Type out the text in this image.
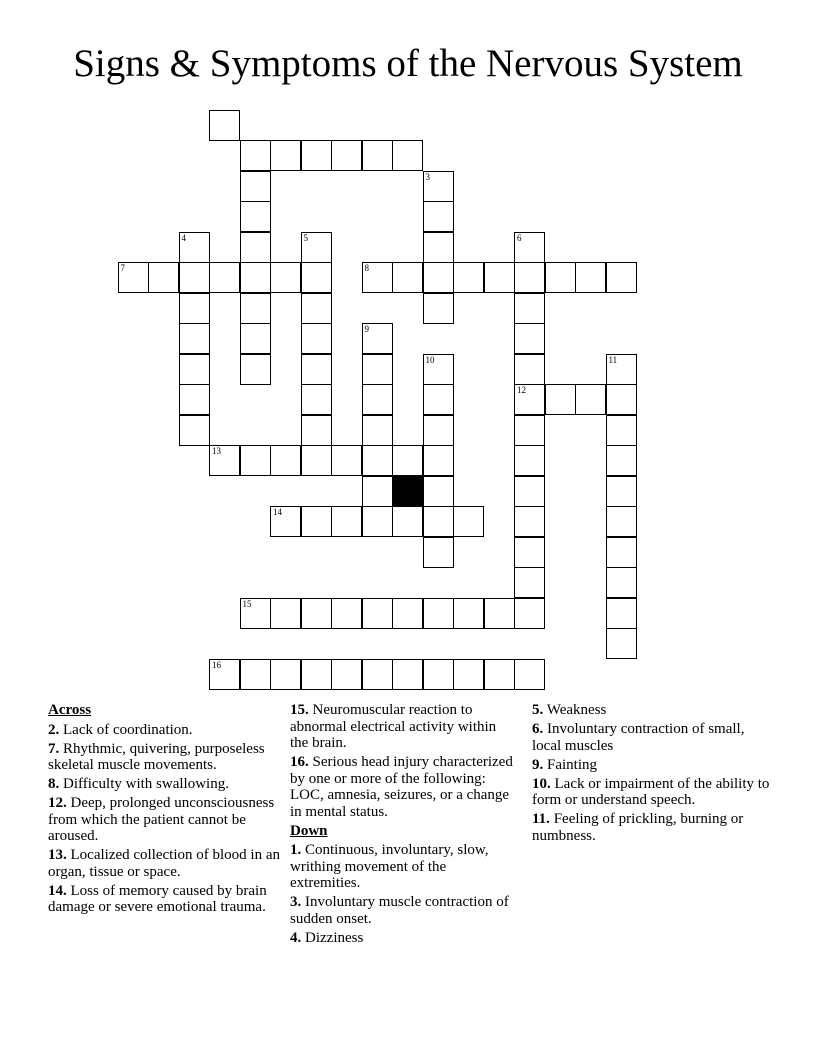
Signs & Symptoms of the Nervous System
3
4	5	6
7	8
9
10	11
12
13
14
15
16
Across
2. Lack of coordination.
7. Rhythmic, quivering, purposeless skeletal muscle movements.
8. Difficulty with swallowing.
12. Deep, prolonged unconsciousness from which the patient cannot be aroused.
13. Localized collection of blood in an organ, tissue or space.
14. Loss of memory caused by brain damage or severe emotional trauma.
15. Neuromuscular reaction to abnormal electrical activity within the brain.
16. Serious head injury characterized by one or more of the following: LOC, amnesia, seizures, or a change in mental status.
Down
1. Continuous, involuntary, slow, writhing movement of the extremities.
3. Involuntary muscle contraction of sudden onset.
4. Dizziness
5. Weakness
6. Involuntary contraction of small, local muscles
9. Fainting
10. Lack or impairment of the ability to form or understand speech.
11. Feeling of prickling, burning or numbness.
